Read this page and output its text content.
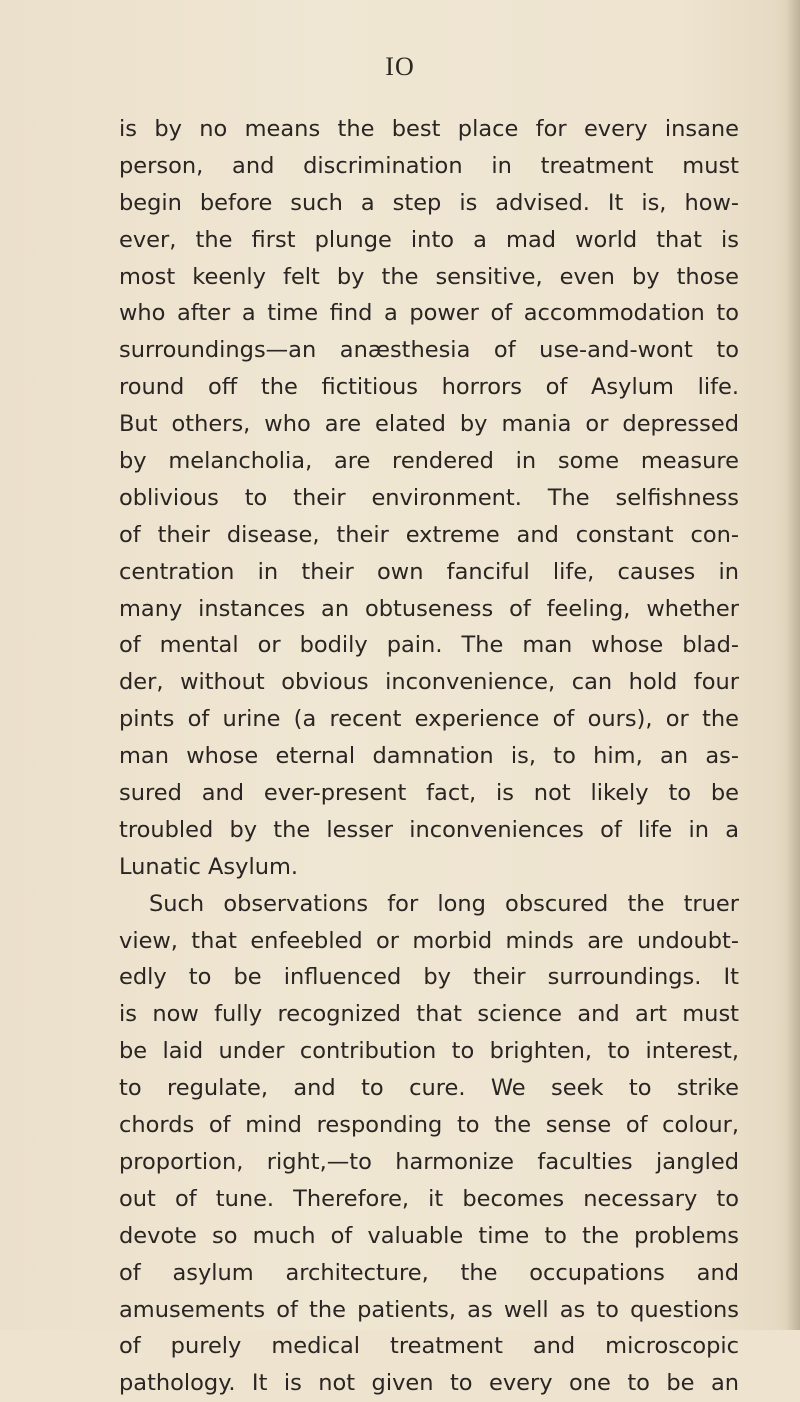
IO
is by no means the best place for every insane
person, and discrimination in treatment must
begin before such a step is advised. It is, how-
ever, the first plunge into a mad world that is
most keenly felt by the sensitive, even by those
who after a time find a power of accommodation to
surroundings—an anæsthesia of use-and-wont to
round off the fictitious horrors of Asylum life.
But others, who are elated by mania or depressed
by melancholia, are rendered in some measure
oblivious to their environment. The selfishness
of their disease, their extreme and constant con-
centration in their own fanciful life, causes in
many instances an obtuseness of feeling, whether
of mental or bodily pain. The man whose blad-
der, without obvious inconvenience, can hold four
pints of urine (a recent experience of ours), or the
man whose eternal damnation is, to him, an as-
sured and ever-present fact, is not likely to be
troubled by the lesser inconveniences of life in a
Lunatic Asylum.
Such observations for long obscured the truer
view, that enfeebled or morbid minds are undoubt-
edly to be influenced by their surroundings. It
is now fully recognized that science and art must
be laid under contribution to brighten, to interest,
to regulate, and to cure. We seek to strike
chords of mind responding to the sense of colour,
proportion, right,—to harmonize faculties jangled
out of tune. Therefore, it becomes necessary to
devote so much of valuable time to the problems
of asylum architecture, the occupations and
amusements of the patients, as well as to questions
of purely medical treatment and microscopic
pathology. It is not given to every one to be an
